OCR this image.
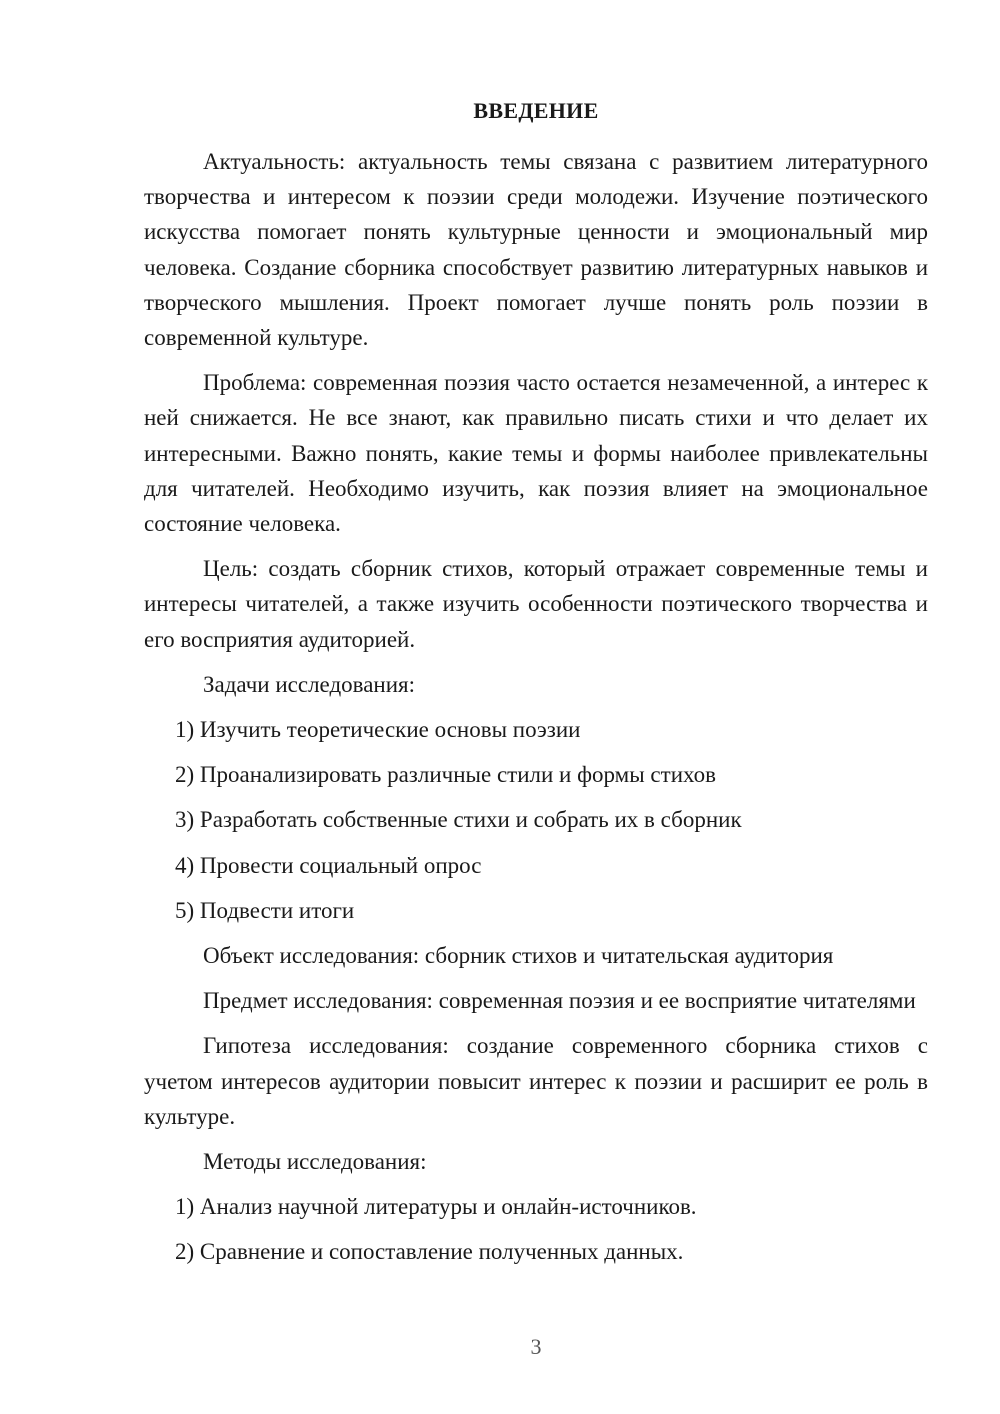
ВВЕДЕНИЕ

Актуальность: актуальность темы связана с развитием литературного творчества и интересом к поэзии среди молодежи. Изучение поэтического искусства помогает понять культурные ценности и эмоциональный мир человека. Создание сборника способствует развитию литературных навыков и творческого мышления. Проект помогает лучше понять роль поэзии в современной культуре.

Проблема: современная поэзия часто остается незамеченной, а интерес к ней снижается. Не все знают, как правильно писать стихи и что делает их интересными. Важно понять, какие темы и формы наиболее привлекательны для читателей. Необходимо изучить, как поэзия влияет на эмоциональное состояние человека.

Цель: создать сборник стихов, который отражает современные темы и интересы читателей, а также изучить особенности поэтического творчества и его восприятия аудиторией.

Задачи исследования:

1) Изучить теоретические основы поэзии

2) Проанализировать различные стили и формы стихов

3) Разработать собственные стихи и собрать их в сборник

4) Провести социальный опрос

5) Подвести итоги

Объект исследования: сборник стихов и читательская аудитория

Предмет исследования: современная поэзия и ее восприятие читателями

Гипотеза исследования: создание современного сборника стихов с учетом интересов аудитории повысит интерес к поэзии и расширит ее роль в культуре.

Методы исследования:

1) Анализ научной литературы и онлайн-источников.

2) Сравнение и сопоставление полученных данных.

3
